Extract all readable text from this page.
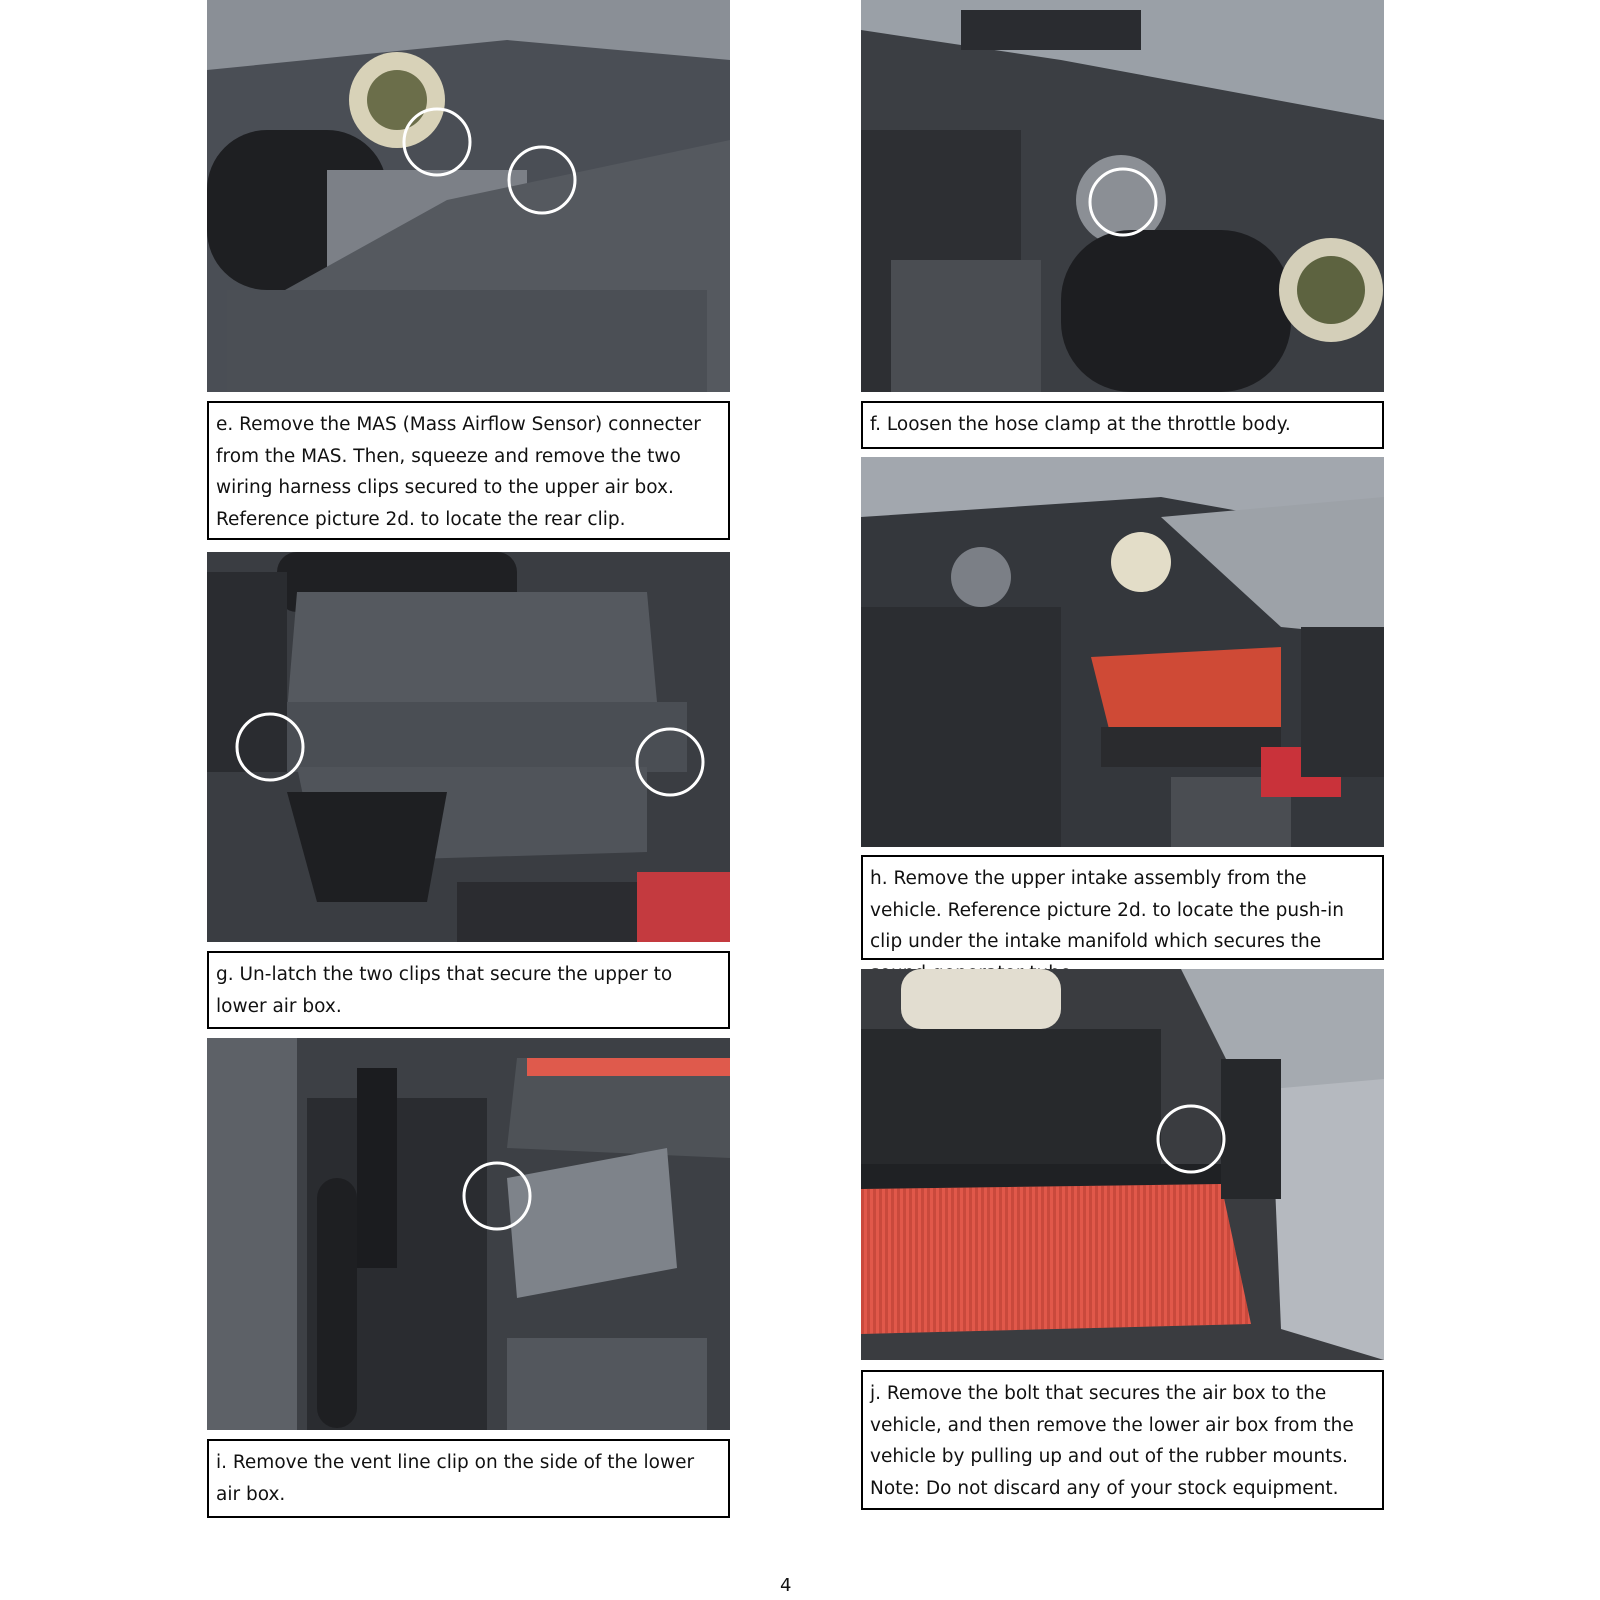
e. Remove the MAS (Mass Airflow Sensor) connecter from the MAS. Then, squeeze and remove the two wiring harness clips secured to the upper air box. Reference picture 2d. to locate the rear clip.
f. Loosen the hose clamp at the throttle body.
h. Remove the upper intake assembly from the vehicle. Reference picture 2d. to locate the push-in clip under the intake manifold which secures the
g. Un-latch the two clips that secure the upper to lower air box.
j. Remove the bolt that secures the air box to the vehicle, and then remove the lower air box from the vehicle by pulling up and out of the rubber mounts. Note: Do not discard any of your stock equipment.
i. Remove the vent line clip on the side of the lower air box.
4
